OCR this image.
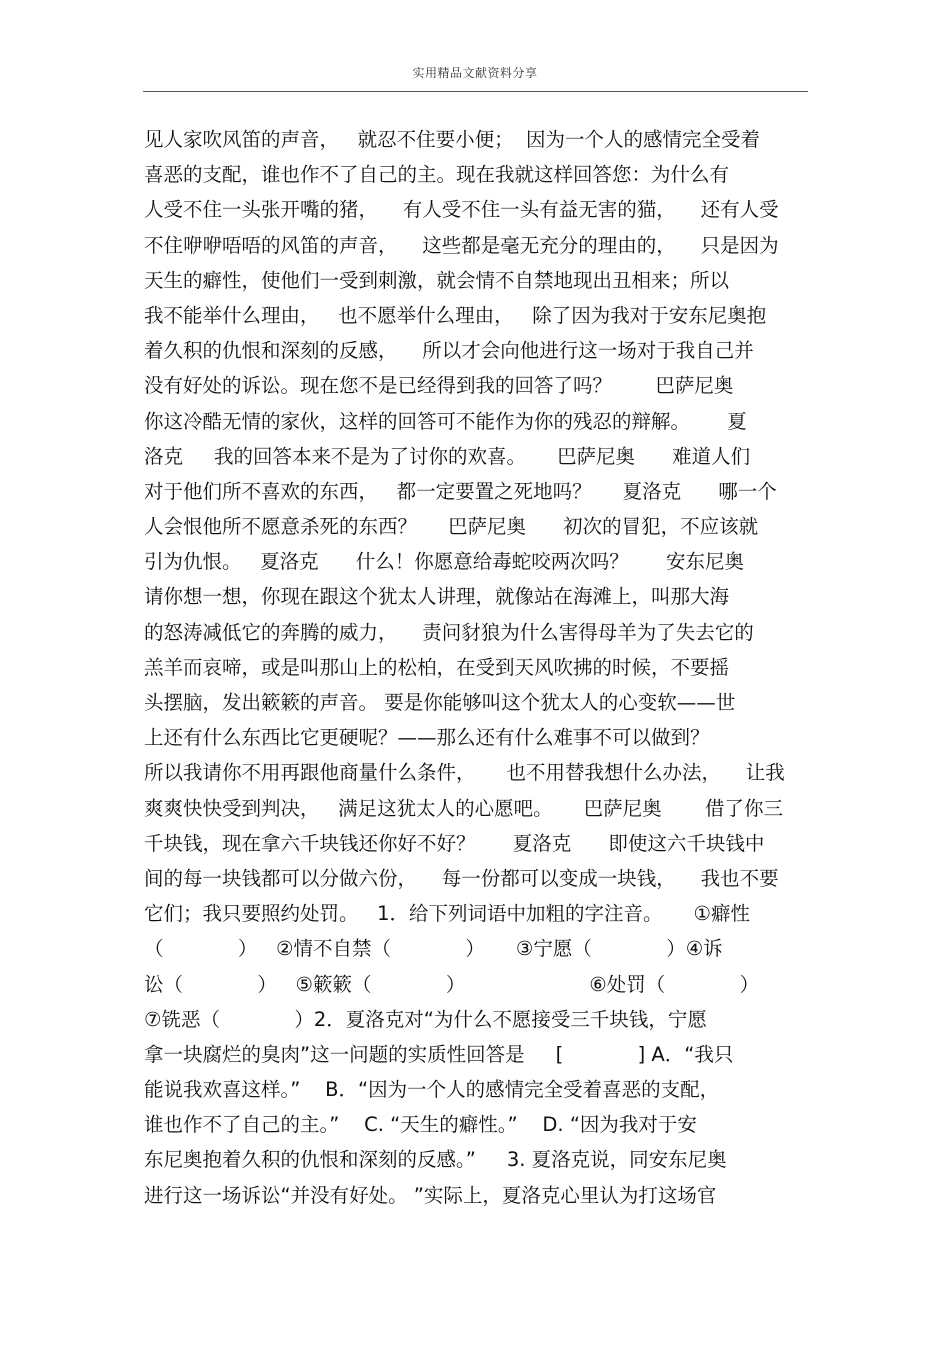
实用精品文献资料分享
见人家吹风笛的声音，   就忍不住要小便；  因为一个人的感情完全受着
喜恶的支配，谁也作不了自己的主。现在我就这样回答您：为什么有
人受不住一头张开嘴的猪，    有人受不住一头有益无害的猫，    还有人受
不住咿咿唔唔的风笛的声音，    这些都是毫无充分的理由的，    只是因为
天生的癖性，使他们一受到刺激，就会情不自禁地现出丑相来；所以
我不能举什么理由，   也不愿举什么理由，   除了因为我对于安东尼奥抱
着久积的仇恨和深刻的反感，    所以才会向他进行这一场对于我自己并
没有好处的诉讼。现在您不是已经得到我的回答了吗？       巴萨尼奥
你这冷酷无情的家伙，这样的回答可不能作为你的残忍的辩解。      夏
洛克     我的回答本来不是为了讨你的欢喜。     巴萨尼奥      难道人们
对于他们所不喜欢的东西，   都一定要置之死地吗？     夏洛克      哪一个
人会恨他所不愿意杀死的东西？     巴萨尼奥      初次的冒犯，不应该就
引为仇恨。   夏洛克      什么！你愿意给毒蛇咬两次吗？      安东尼奥
请你想一想，你现在跟这个犹太人讲理，就像站在海滩上，叫那大海
的怒涛减低它的奔腾的威力，    责问豺狼为什么害得母羊为了失去它的
羔羊而哀啼，或是叫那山上的松柏，在受到天风吹拂的时候，不要摇
头摆脑，发出簌簌的声音。 要是你能够叫这个犹太人的心变软——世
上还有什么东西比它更硬呢？——那么还有什么难事不可以做到？
所以我请你不用再跟他商量什么条件，     也不用替我想什么办法，    让我
爽爽快快受到判决，   满足这犹太人的心愿吧。     巴萨尼奥       借了你三
千块钱，现在拿六千块钱还你好不好？      夏洛克      即使这六千块钱中
间的每一块钱都可以分做六份，    每一份都可以变成一块钱，    我也不要
它们；我只要照约处罚。   1．给下列词语中加粗的字注音。     ①癖性
（            ）   ②情不自禁（            ）     ③宁愿（            ）④诉
讼（            ）   ⑤簌簌（            ）                    ⑥处罚（            ）
⑦铣恶（            ）2．夏洛克对“为什么不愿接受三千块钱，宁愿
拿一块腐烂的臭肉”这一问题的实质性回答是     [            ] A．“我只
能说我欢喜这样。”    B．“因为一个人的感情完全受着喜恶的支配，
谁也作不了自己的主。”    C. “天生的癖性。”    D. “因为我对于安
东尼奥抱着久积的仇恨和深刻的反感。”     3. 夏洛克说，同安东尼奥
进行这一场诉讼“并没有好处。 ”实际上，夏洛克心里认为打这场官
